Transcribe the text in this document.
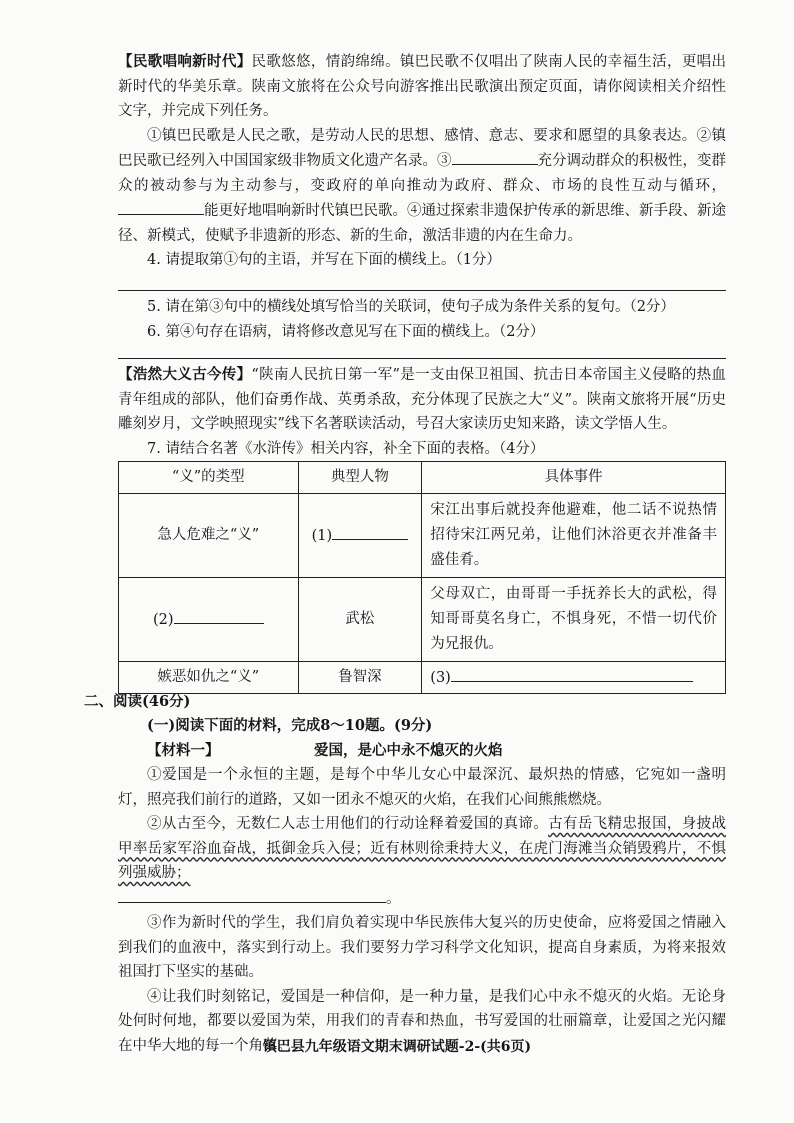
【民歌唱响新时代】民歌悠悠，情韵绵绵。镇巴民歌不仅唱出了陕南人民的幸福生活，更唱出新时代的华美乐章。陕南文旅将在公众号向游客推出民歌演出预定页面，请你阅读相关介绍性文字，并完成下列任务。

①镇巴民歌是人民之歌，是劳动人民的思想、感情、意志、要求和愿望的具象表达。②镇巴民歌已经列入中国国家级非物质文化遗产名录。③	充分调动群众的积极性，变群众的被动参与为主动参与，变政府的单向推动为政府、群众、市场的良性互动与循环，能更好地唱响新时代镇巴民歌。④通过探索非遗保护传承的新思维、新手段、新途径、新模式，使赋予非遗新的形态、新的生命，激活非遗的内在生命力。

4. 请提取第①句的主语，并写在下面的横线上。（1分）

5. 请在第③句中的横线处填写恰当的关联词，使句子成为条件关系的复句。（2分）

6. 第④句存在语病，请将修改意见写在下面的横线上。（2分）

【浩然大义古今传】“陕南人民抗日第一军”是一支由保卫祖国、抗击日本帝国主义侵略的热血青年组成的部队，他们奋勇作战、英勇杀敌，充分体现了民族之大“义”。陕南文旅将开展“历史雕刻岁月，文学映照现实”线下名著联读活动，号召大家读历史知来路，读文学悟人生。

7. 请结合名著《水浒传》相关内容，补全下面的表格。（4分）

“义”的类型	典型人物	具体事件
急人危难之“义”	(1)	宋江出事后就投奔他避难，他二话不说热情招待宋江两兄弟，让他们沐浴更衣并准备丰盛佳肴。
(2)	武松	父母双亡，由哥哥一手抚养长大的武松，得知哥哥莫名身亡，不惧身死，不惜一切代价为兄报仇。
嫉恶如仇之“义”	鲁智深	(3)

二、阅读(46分)

(一)阅读下面的材料，完成8～10题。(9分)

【材料一】	爱国，是心中永不熄灭的火焰

①爱国是一个永恒的主题，是每个中华儿女心中最深沉、最炽热的情感，它宛如一盏明灯，照亮我们前行的道路，又如一团永不熄灭的火焰，在我们心间熊熊燃烧。

②从古至今，无数仁人志士用他们的行动诠释着爱国的真谛。古有岳飞精忠报国，身披战甲率岳家军浴血奋战，抵御金兵入侵；近有林则徐秉持大义，在虎门海滩当众销毁鸦片，不惧列强威胁；
。

③作为新时代的学生，我们肩负着实现中华民族伟大复兴的历史使命，应将爱国之情融入到我们的血液中，落实到行动上。我们要努力学习科学文化知识，提高自身素质，为将来报效祖国打下坚实的基础。

④让我们时刻铭记，爱国是一种信仰，是一种力量，是我们心中永不熄灭的火焰。无论身处何时何地，都要以爱国为荣，用我们的青春和热血，书写爱国的壮丽篇章，让爱国之光闪耀在中华大地的每一个角落。

镇巴县九年级语文期末调研试题-2-(共6页)
